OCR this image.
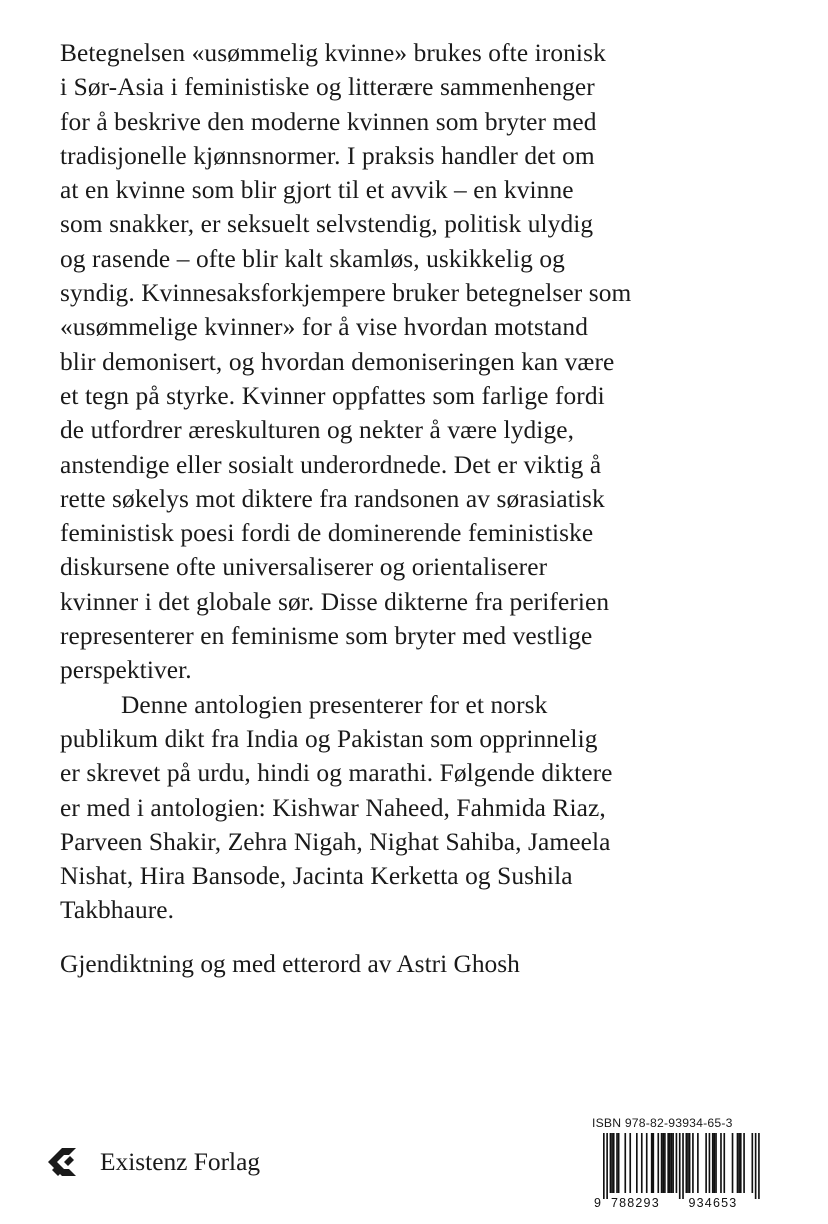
Betegnelsen «usømmelig kvinne» brukes ofte ironisk
i Sør-Asia i feministiske og litterære sammenhenger
for å beskrive den moderne kvinnen som bryter med
tradisjonelle kjønnsnormer. I praksis handler det om
at en kvinne som blir gjort til et avvik – en kvinne
som snakker, er seksuelt selvstendig, politisk ulydig
og rasende – ofte blir kalt skamløs, uskikkelig og
syndig. Kvinnesaksforkjempere bruker betegnelser som
«usømmelige kvinner» for å vise hvordan motstand
blir demonisert, og hvordan demoniseringen kan være
et tegn på styrke. Kvinner oppfattes som farlige fordi
de utfordrer æreskulturen og nekter å være lydige,
anstendige eller sosialt underordnede. Det er viktig å
rette søkelys mot diktere fra randsonen av sørasiatisk
feministisk poesi fordi de dominerende feministiske
diskursene ofte universaliserer og orientaliserer
kvinner i det globale sør. Disse dikterne fra periferien
representerer en feminisme som bryter med vestlige
perspektiver.

Denne antologien presenterer for et norsk
publikum dikt fra India og Pakistan som opprinnelig
er skrevet på urdu, hindi og marathi. Følgende diktere
er med i antologien: Kishwar Naheed, Fahmida Riaz,
Parveen Shakir, Zehra Nigah, Nighat Sahiba, Jameela
Nishat, Hira Bansode, Jacinta Kerketta og Sushila
Takbhaure.

Gjendiktning og med etterord av Astri Ghosh
Existenz Forlag
ISBN 978-82-93934-65-3
9 788293 934653
